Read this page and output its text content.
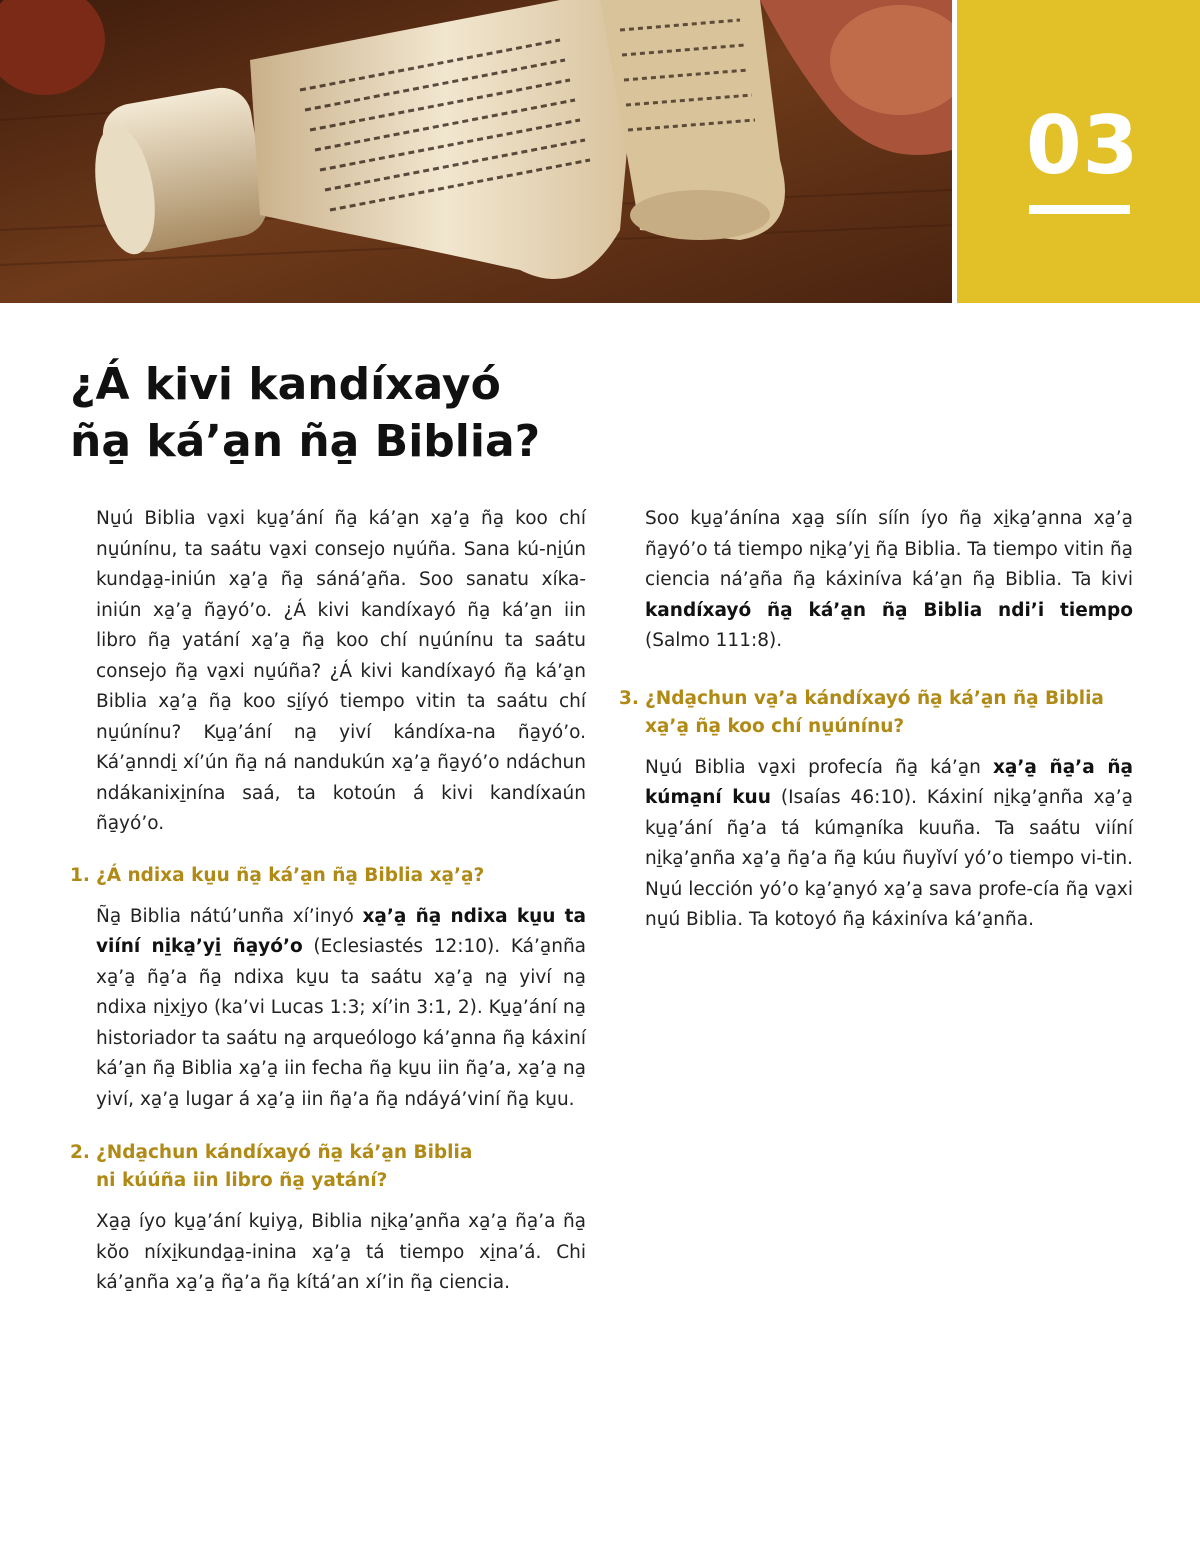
03
¿Á kivi kandíxayó
ña̱ ká’a̱n ña̱ Biblia?

Nu̱ú Biblia va̱xi ku̱a̱’ání ña̱ ká’a̱n xa̱’a̱ ña̱ koo chí nu̱únínu, ta saátu va̱xi consejo nu̱úña. Sana kú-ni̱ún kunda̱a̱-iniún xa̱’a̱ ña̱ sáná’a̱ña. Soo sanatu xíka-iniún xa̱’a̱ ña̱yó’o. ¿Á kivi kandíxayó ña̱ ká’a̱n iin libro ña̱ yatání xa̱’a̱ ña̱ koo chí nu̱únínu ta saátu consejo ña̱ va̱xi nu̱úña? ¿Á kivi kandíxayó ña̱ ká’a̱n Biblia xa̱’a̱ ña̱ koo si̱íyó tiempo vitin ta saátu chí nu̱únínu? Ku̱a̱’ání na̱ yiví kándíxa-na ña̱yó’o. Ká’a̱nndi̱ xí’ún ña̱ ná nandukún xa̱’a̱ ña̱yó’o ndáchun ndákanixi̱nína saá, ta kotoún á kivi kandíxaún ña̱yó’o.

1. ¿Á ndixa ku̱u ña̱ ká’a̱n ña̱ Biblia xa̱’a̱?

Ña̱ Biblia nátú’unña xí’inyó xa̱’a̱ ña̱ ndixa ku̱u ta viíní ni̱ka̱’yi̱ ña̱yó’o (Eclesiastés 12:10). Ká’a̱nña xa̱’a̱ ña̱’a ña̱ ndixa ku̱u ta saátu xa̱’a̱ na̱ yiví na̱ ndixa ni̱xi̱yo (ka’vi Lucas 1:3; xí’in 3:1, 2). Ku̱a̱’ání na̱ historiador ta saátu na̱ arqueólogo ká’a̱nna ña̱ káxiní ká’a̱n ña̱ Biblia xa̱’a̱ iin fecha ña̱ ku̱u iin ña̱’a, xa̱’a̱ na̱ yiví, xa̱’a̱ lugar á xa̱’a̱ iin ña̱’a ña̱ ndáyá’viní ña̱ ku̱u.

2. ¿Nda̱chun kándíxayó ña̱ ká’a̱n Biblia
ni kúúña iin libro ña̱ yatání?

Xa̱a̱ íyo ku̱a̱’ání ku̱iya̱, Biblia ni̱ka̱’a̱nña xa̱’a̱ ña̱’a ña̱ kŏo níxi̱kunda̱a̱-inina xa̱’a̱ tá tiempo xi̱na’á. Chi ká’a̱nña xa̱’a̱ ña̱’a ña̱ kítá’an xí’in ña̱ ciencia.

Soo ku̱a̱’ánína xa̱a̱ síín síín íyo ña̱ xi̱ka̱’a̱nna xa̱’a̱ ña̱yó’o tá tiempo ni̱ka̱’yi̱ ña̱ Biblia. Ta tiempo vitin ña̱ ciencia ná’a̱ña ña̱ káxiníva ká’a̱n ña̱ Biblia. Ta kivi kandíxayó ña̱ ká’a̱n ña̱ Biblia ndi’i tiempo (Salmo 111:8).

3. ¿Nda̱chun va̱’a kándíxayó ña̱ ká’a̱n ña̱ Biblia
xa̱’a̱ ña̱ koo chí nu̱únínu?

Nu̱ú Biblia va̱xi profecía ña̱ ká’a̱n xa̱’a̱ ña̱’a ña̱ kúma̱ní kuu (Isaías 46:10). Káxiní ni̱ka̱’a̱nña xa̱’a̱ ku̱a̱’ání ña̱’a tá kúma̱níka kuuña. Ta saátu viíní ni̱ka̱’a̱nña xa̱’a̱ ña̱’a ña̱ kúu ñuyǐví yó’o tiempo vi-tin. Nu̱ú lección yó’o ka̱’a̱nyó xa̱’a̱ sava profe-cía ña̱ va̱xi nu̱ú Biblia. Ta kotoyó ña̱ káxiníva ká’a̱nña.
